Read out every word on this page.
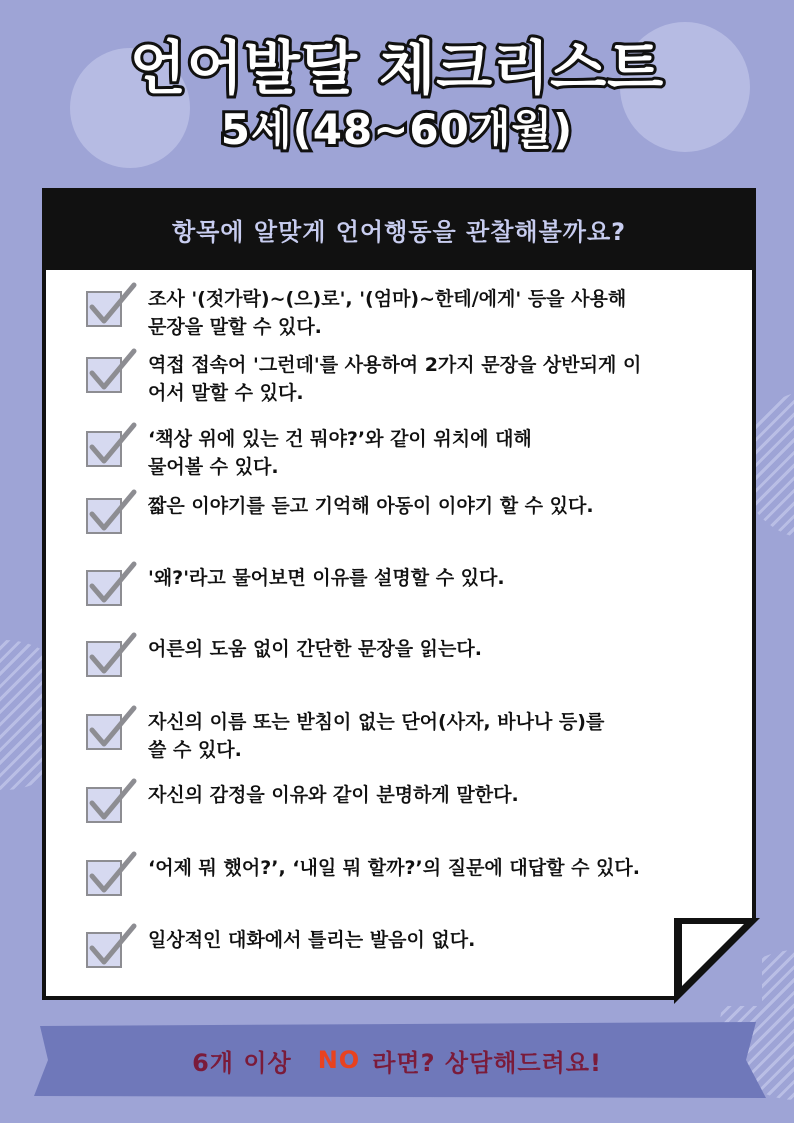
언어발달 체크리스트
5세(48~60개월)
항목에 알맞게 언어행동을 관찰해볼까요?
조사 '(젓가락)~(으)로', '(엄마)~한테/에게' 등을 사용해
문장을 말할 수 있다.
역접 접속어 '그런데'를 사용하여 2가지 문장을 상반되게 이
어서 말할 수 있다.
‘책상 위에 있는 건 뭐야?’와 같이 위치에 대해
물어볼 수 있다.
짧은 이야기를 듣고 기억해 아동이 이야기 할 수 있다.
'왜?'라고 물어보면 이유를 설명할 수 있다.
어른의 도움 없이 간단한 문장을 읽는다.
자신의 이름 또는 받침이 없는 단어(사자, 바나나 등)를
쓸 수 있다.
자신의 감정을 이유와 같이 분명하게 말한다.
‘어제 뭐 했어?’, ‘내일 뭐 할까?’의 질문에 대답할 수 있다.
일상적인 대화에서 틀리는 발음이 없다.
6개 이상 NO 라면? 상담해드려요!
